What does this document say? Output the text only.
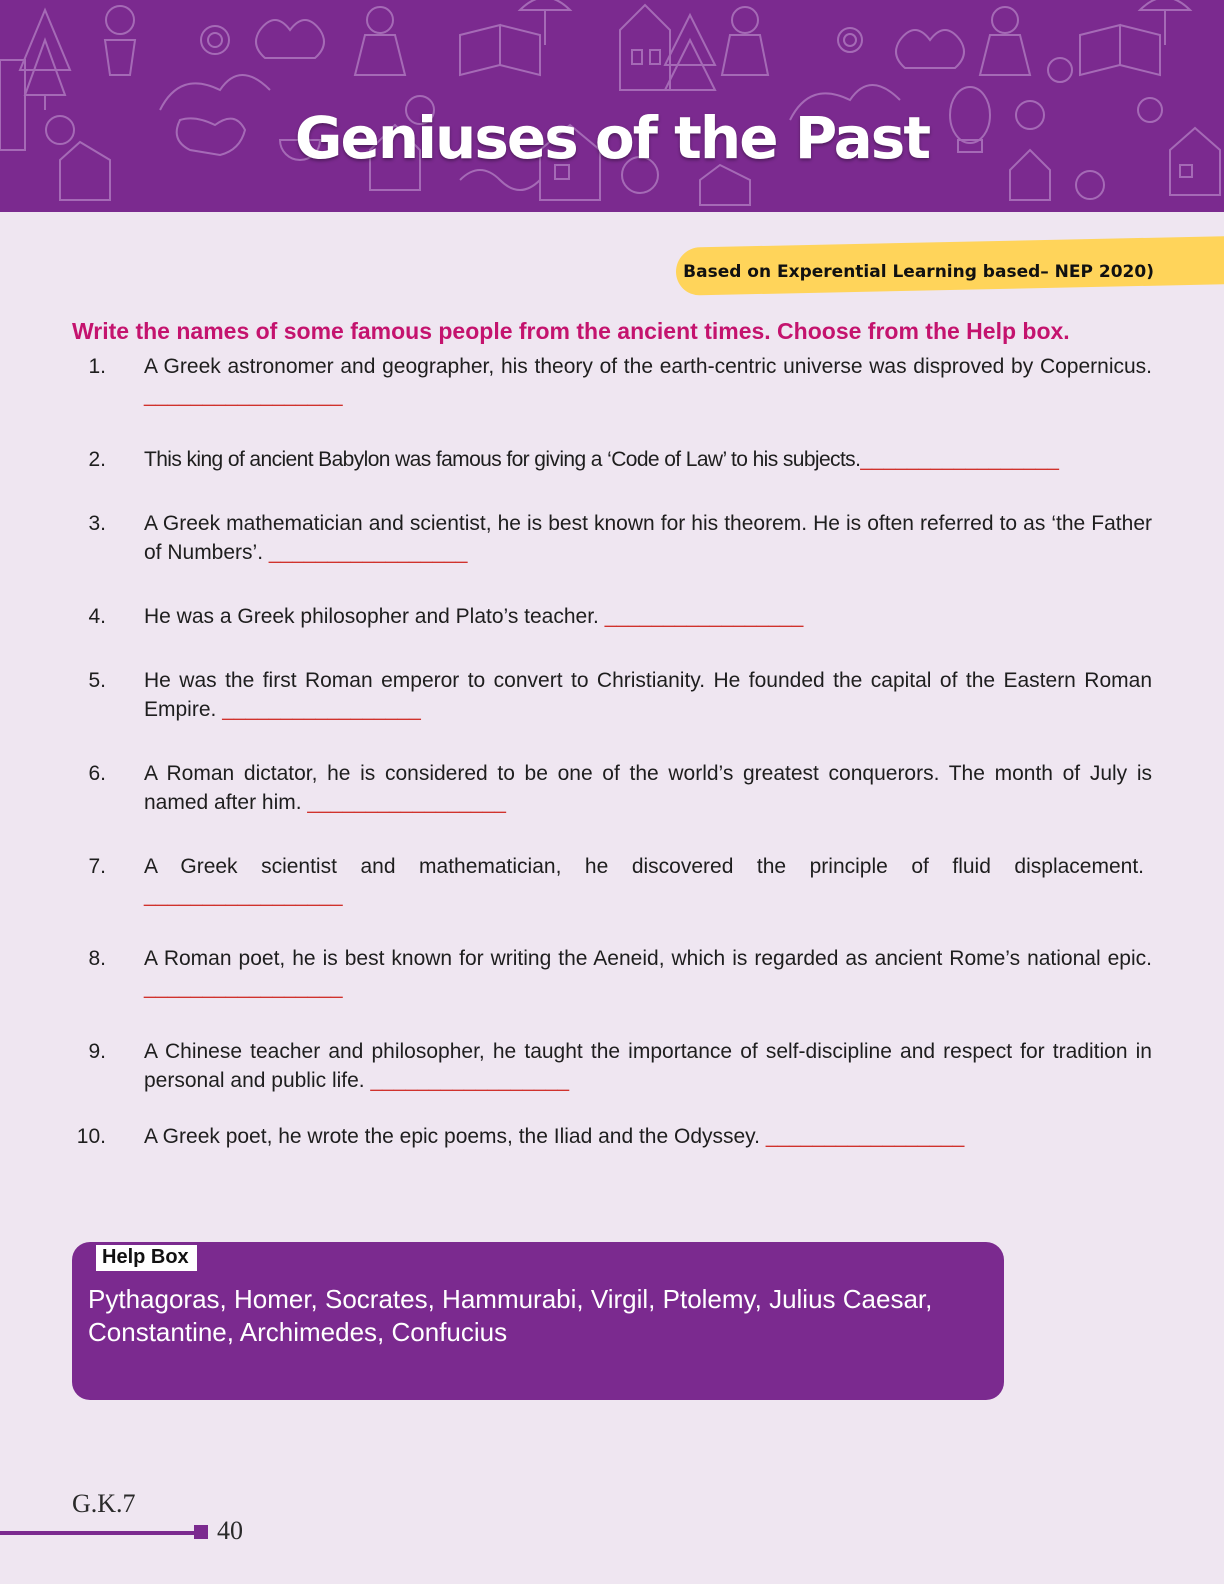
Geniuses of the Past
Based on Experential Learning based– NEP 2020)
Write the names of some famous people from the ancient times. Choose from the Help box.
1. A Greek astronomer and geographer, his theory of the earth-centric universe was disproved by Copernicus. _________________
2. This king of ancient Babylon was famous for giving a ‘Code of Law’ to his subjects._________________
3. A Greek mathematician and scientist, he is best known for his theorem. He is often referred to as ‘the Father of Numbers’. _________________
4. He was a Greek philosopher and Plato’s teacher. _________________
5. He was the first Roman emperor to convert to Christianity. He founded the capital of the Eastern Roman Empire. _________________
6. A Roman dictator, he is considered to be one of the world’s greatest conquerors. The month of July is named after him. _________________
7. A Greek scientist and mathematician, he discovered the principle of fluid displacement.
_________________
8. A Roman poet, he is best known for writing the Aeneid, which is regarded as ancient Rome’s national epic. _________________
9. A Chinese teacher and philosopher, he taught the importance of self-discipline and respect for tradition in personal and public life. _________________
10. A Greek poet, he wrote the epic poems, the Iliad and the Odyssey. _________________
Help Box
Pythagoras, Homer, Socrates, Hammurabi, Virgil, Ptolemy, Julius Caesar, Constantine, Archimedes, Confucius
G.K.7
40
